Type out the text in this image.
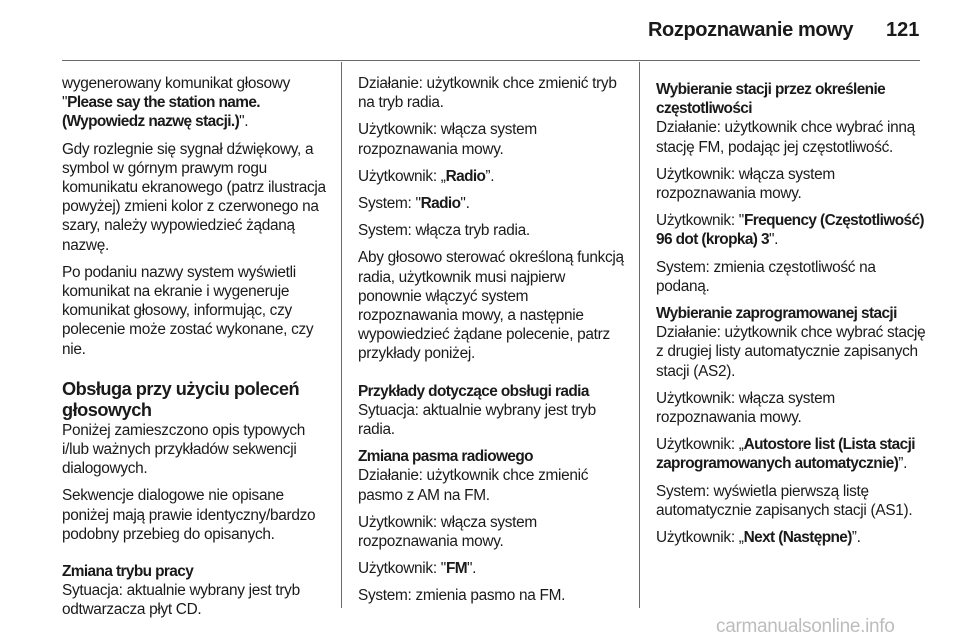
Rozpoznawanie mowy 121

wygenerowany komunikat głosowy "Please say the station name. (Wypowiedz nazwę stacji.)".

Gdy rozlegnie się sygnał dźwiękowy, a symbol w górnym prawym rogu komunikatu ekranowego (patrz ilustracja powyżej) zmieni kolor z czerwonego na szary, należy wypowiedzieć żądaną nazwę.

Po podaniu nazwy system wyświetli komunikat na ekranie i wygeneruje komunikat głosowy, informując, czy polecenie może zostać wykonane, czy nie.

Obsługa przy użyciu poleceń głosowych

Poniżej zamieszczono opis typowych i/lub ważnych przykładów sekwencji dialogowych.

Sekwencje dialogowe nie opisane poniżej mają prawie identyczny/bardzo podobny przebieg do opisanych.

Zmiana trybu pracy

Sytuacja: aktualnie wybrany jest tryb odtwarzacza płyt CD.

Działanie: użytkownik chce zmienić tryb na tryb radia.

Użytkownik: włącza system rozpoznawania mowy.

Użytkownik: „Radio”.

System: "Radio".

System: włącza tryb radia.

Aby głosowo sterować określoną funkcją radia, użytkownik musi najpierw ponownie włączyć system rozpoznawania mowy, a następnie wypowiedzieć żądane polecenie, patrz przykłady poniżej.

Przykłady dotyczące obsługi radia

Sytuacja: aktualnie wybrany jest tryb radia.

Zmiana pasma radiowego

Działanie: użytkownik chce zmienić pasmo z AM na FM.

Użytkownik: włącza system rozpoznawania mowy.

Użytkownik: "FM".

System: zmienia pasmo na FM.

Wybieranie stacji przez określenie częstotliwości

Działanie: użytkownik chce wybrać inną stację FM, podając jej częstotliwość.

Użytkownik: włącza system rozpoznawania mowy.

Użytkownik: "Frequency (Częstotliwość) 96 dot (kropka) 3".

System: zmienia częstotliwość na podaną.

Wybieranie zaprogramowanej stacji

Działanie: użytkownik chce wybrać stację z drugiej listy automatycznie zapisanych stacji (AS2).

Użytkownik: włącza system rozpoznawania mowy.

Użytkownik: „Autostore list (Lista stacji zaprogramowanych automatycznie)”.

System: wyświetla pierwszą listę automatycznie zapisanych stacji (AS1).

Użytkownik: „Next (Następne)”.

carmanualsonline.info
